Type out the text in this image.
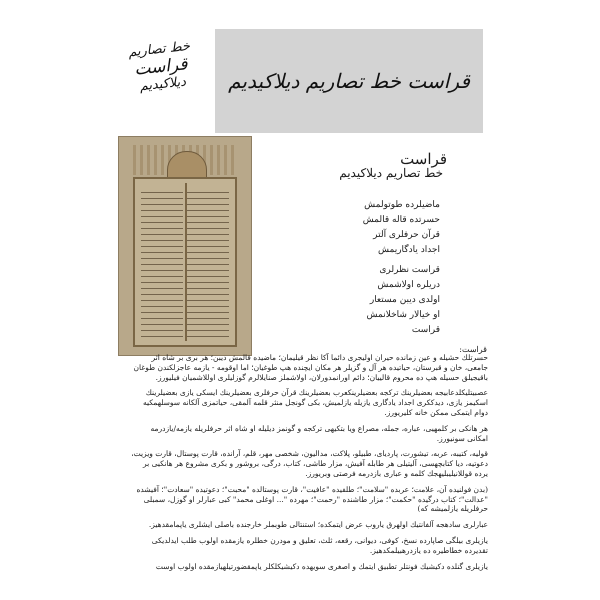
خط تصاریم
قراست
دیلاکیدیم	قراست خط تصاریم دیلاکیدیم
قراست
خط تصاریم دیلاکیدیم
ماضیلرده طوتولمش
حسرتده قاله قالمش
قرآن حرفلری آلتر
اجداد یادگاریمش
قراست نظرلری
دریلره اولاشمش
اولدی دیبن مستعار
او خیالار شاخلانمش
قراست
قراست:

حسرتلك حشیله و عین زمانده حیران اولیجری دائما آکا نظر قیلیمان؛ ماضیده قالمش دیبن؛ هر بری بر شاه اثر جامعی، خان و قبرستان، حیاتیده هر آل و گزیلر هر مکان ایچنده هپ طوغیان؛ اما اوقومه - یازمه عاجزلکندن طوغان باقیجیلق حسیله هپ ده محروم قالییان؛ دائم اورانمدورلان، اولاشملز صنایلالرم گوزلیلری اوللاشمیان فیلیورز.

عصبیتلیکلدعابیجه بعضیلرینك ترکجه بعضیلرینکعرب بعضیلرینك قرآن حرفلری بعضیلرینك ایسکی یازی بعضیلرینك اسکیمز یازی، دیدککری اجداد یادگاری یازیله یازلمیش، بکی گونجل منثر قلمه آلمقی، حیاتمزی آلکانه سوسلهمکیه دوام ایتمکی ممکن خانه کلیریورز.

هر هانکی بر کلمهیی، عباره، جمله، مصراع ویا بتکیهی ترکجه و گونمز دیلیله او شاه اثر حرفلریله یازمه/یازدرمه امکانی سونیورز.

قولیه، کتیبه، عربه، تیشورت، پاردیای، طبیلو، پلاکت، مدالیون، شخصی مهر، قلم، آرانده، قارت پوستال، قارت ویزیت، دعوتیه، دیا کتابچهسی، آلیتیلی هر طابله آفیش، مزار طاشی، کتاب، درگی، بروشور و بکری مشروع هر هانکیی بر یرده قوللانیلیبلیهجك کلمه و عباری بازدرمه فرصتی وبریورز.

(بدن فولنیده آن، علامت؛ عربده "سلامت"؛ طلفیده "عافیت"، قارت پوستالده "محبت"؛ دعوتیده "سعادت"؛ آفیشده "عدالت"؛ کتاب درگیده "حکمت"؛ مزار طاشنده "رحمت"؛ مهرده "... اوغلی محمد" کبی عبارلر او گوزل، سمبلی حرفلریله یازلمیشه که)

عبارلری سادهجه آلفانتیك اولهرق یاروب عرض ایتمکده؛ استنتالی طوبملر خارجنده باصلی ایشلری یاپمامقدهیز.

یازیلری بیلگی صاپارده نسخ، کوفی، دیوانی، رقعه، ثلث، تعلیق و مودرن خطلره یازمقده اولوب طلب ایدلدیکی تقدیرده خطاطیره ده یازدرهبیلمکدهیز.

یازیلری گنلده دکیشیك فونتلر تطبیق ایتمك و اصغری سویهده دکیشیکلکلر یاپمقضورتیلهیازمقده اولوب اوست
